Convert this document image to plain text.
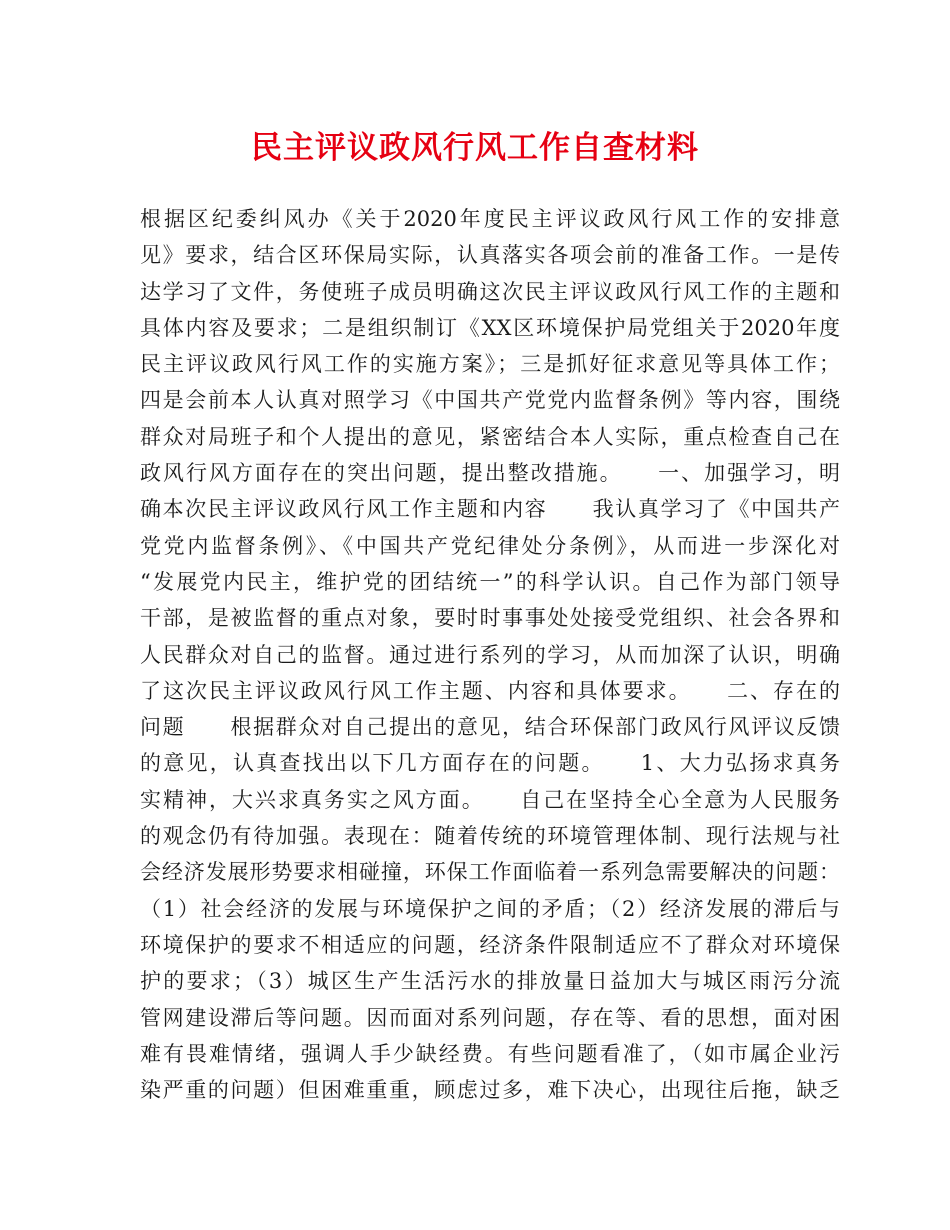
民主评议政风行风工作自查材料
根据区纪委纠风办《关于2020年度民主评议政风行风工作的安排意
见》要求，结合区环保局实际，认真落实各项会前的准备工作。一是传
达学习了文件，务使班子成员明确这次民主评议政风行风工作的主题和
具体内容及要求；二是组织制订《XX区环境保护局党组关于2020年度
民主评议政风行风工作的实施方案》；三是抓好征求意见等具体工作；
四是会前本人认真对照学习《中国共产党党内监督条例》等内容，围绕
群众对局班子和个人提出的意见，紧密结合本人实际，重点检查自己在
政风行风方面存在的突出问题，提出整改措施。　　一、加强学习，明
确本次民主评议政风行风工作主题和内容　　我认真学习了《中国共产
党党内监督条例》、《中国共产党纪律处分条例》，从而进一步深化对
“发展党内民主，维护党的团结统一”的科学认识。自己作为部门领导
干部，是被监督的重点对象，要时时事事处处接受党组织、社会各界和
人民群众对自己的监督。通过进行系列的学习，从而加深了认识，明确
了这次民主评议政风行风工作主题、内容和具体要求。　　二、存在的
问题　　根据群众对自己提出的意见，结合环保部门政风行风评议反馈
的意见，认真查找出以下几方面存在的问题。　　1、大力弘扬求真务
实精神，大兴求真务实之风方面。　　自己在坚持全心全意为人民服务
的观念仍有待加强。表现在：随着传统的环境管理体制、现行法规与社
会经济发展形势要求相碰撞，环保工作面临着一系列急需要解决的问题：
（1）社会经济的发展与环境保护之间的矛盾；（2）经济发展的滞后与
环境保护的要求不相适应的问题，经济条件限制适应不了群众对环境保
护的要求；（3）城区生产生活污水的排放量日益加大与城区雨污分流
管网建设滞后等问题。因而面对系列问题，存在等、看的思想，面对困
难有畏难情绪，强调人手少缺经费。有些问题看准了，（如市属企业污
染严重的问题）但困难重重，顾虑过多，难下决心，出现往后拖，缺乏
